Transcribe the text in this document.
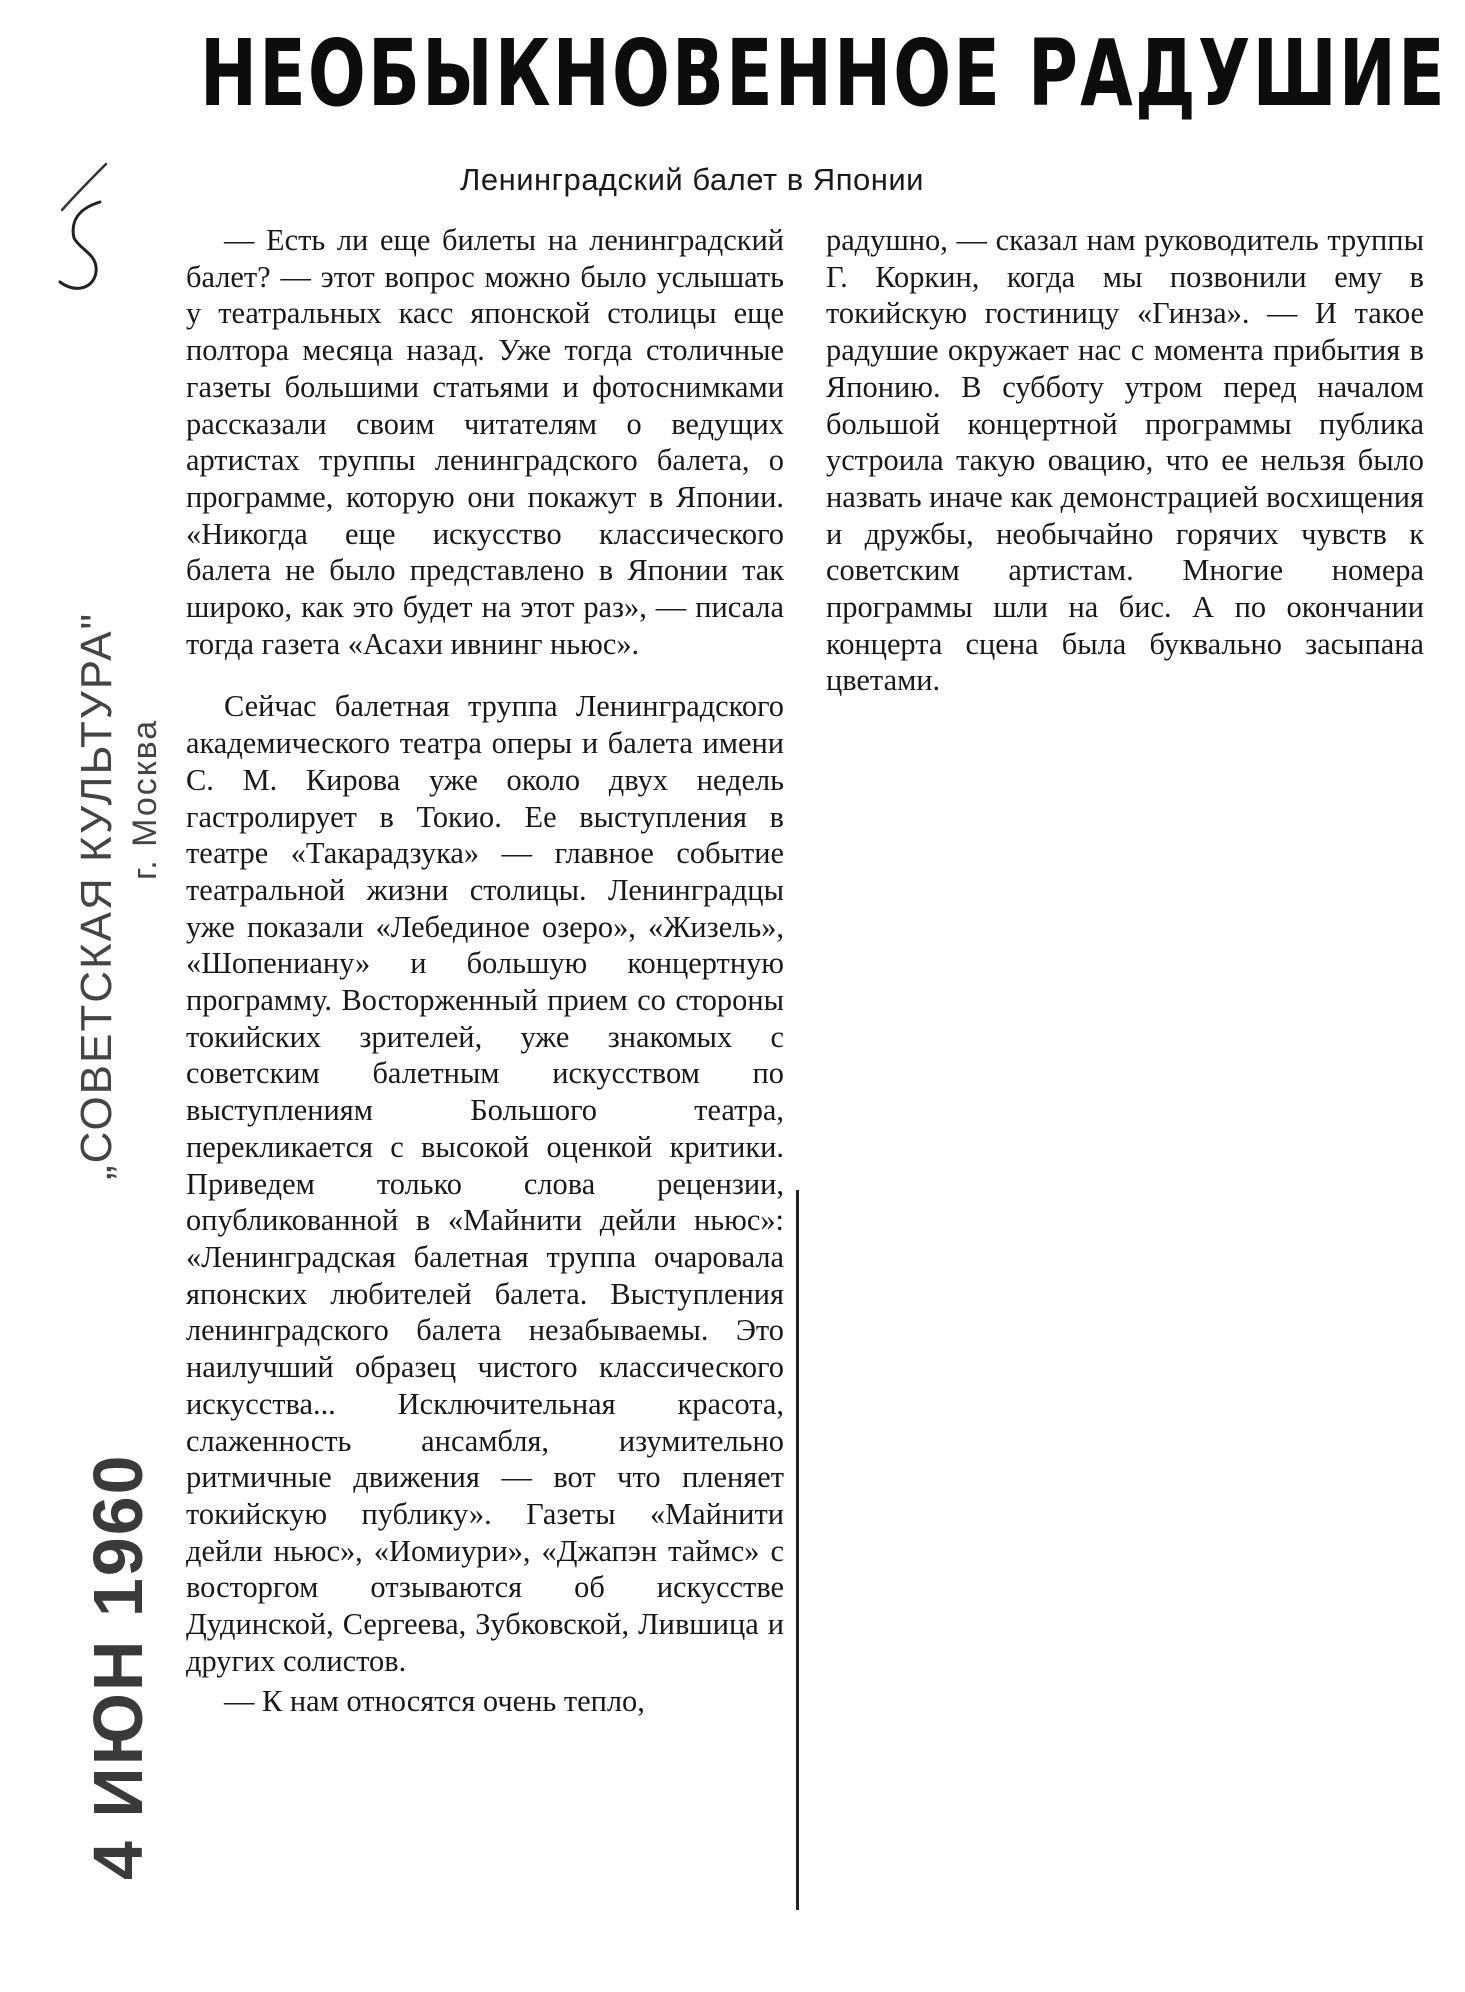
НЕОБЫКНОВЕННОЕ РАДУШИЕ
Ленинградский балет в Японии

— Есть ли еще билеты на ленинградский балет? — этот вопрос можно было услышать у театральных касс японской столицы еще полтора месяца назад. Уже тогда столичные газеты большими статьями и фотоснимками рассказали своим читателям о ведущих артистах труппы ленинградского балета, о программе, которую они покажут в Японии. «Никогда еще искусство классического балета не было представлено в Японии так широко, как это будет на этот раз», — писала тогда газета «Асахи ивнинг ньюс».

Сейчас балетная труппа Ленинградского академического театра оперы и балета имени С. М. Кирова уже около двух недель гастролирует в Токио. Ее выступления в театре «Такарадзука» — главное событие театральной жизни столицы. Ленинградцы уже показали «Лебединое озеро», «Жизель», «Шопениану» и большую концертную программу. Восторженный прием со стороны токийских зрителей, уже знакомых с советским балетным искусством по выступлениям Большого театра, перекликается с высокой оценкой критики. Приведем только слова рецензии, опубликованной в «Майнити дейли ньюс»: «Ленинградская балетная труппа очаровала японских любителей балета. Выступления ленинградского балета незабываемы. Это наилучший образец чистого классического искусства... Исключительная красота, слаженность ансамбля, изумительно ритмичные движения — вот что пленяет токийскую публику». Газеты «Майнити дейли ньюс», «Иомиури», «Джапэн таймс» с восторгом отзываются об искусстве Дудинской, Сергеева, Зубковской, Лившица и других солистов.

— К нам относятся очень тепло,

радушно, — сказал нам руководитель труппы Г. Коркин, когда мы позвонили ему в токийскую гостиницу «Гинза». — И такое радушие окружает нас с момента прибытия в Японию. В субботу утром перед началом большой концертной программы публика устроила такую овацию, что ее нельзя было назвать иначе как демонстрацией восхищения и дружбы, необычайно горячих чувств к советским артистам. Многие номера программы шли на бис. А по окончании концерта сцена была буквально засыпана цветами.

„СОВЕТСКАЯ КУЛЬТУРА" г. Москва
4 ИЮН 1960
